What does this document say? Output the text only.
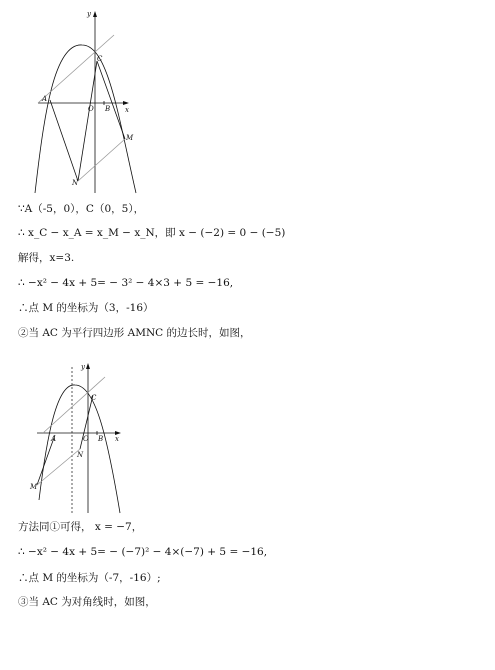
y
x
C
A
O B
M
N
∵A（-5，0），C（0，5），
∴ x_C − x_A = x_M − x_N，即 x − (−2) = 0 − (−5)
解得，x=3.
∴ −x² − 4x + 5= − 3² − 4×3 + 5 = −16,
∴点 M 的坐标为（3，-16）
②当 AC 为平行四边形 AMNC 的边长时，如图，
y
x
C
A	O B
N
M
方法同①可得， x = −7，
∴ −x² − 4x + 5= − (−7)² − 4×(−7) + 5 = −16,
∴点 M 的坐标为（-7，-16）;
③当 AC 为对角线时，如图，
